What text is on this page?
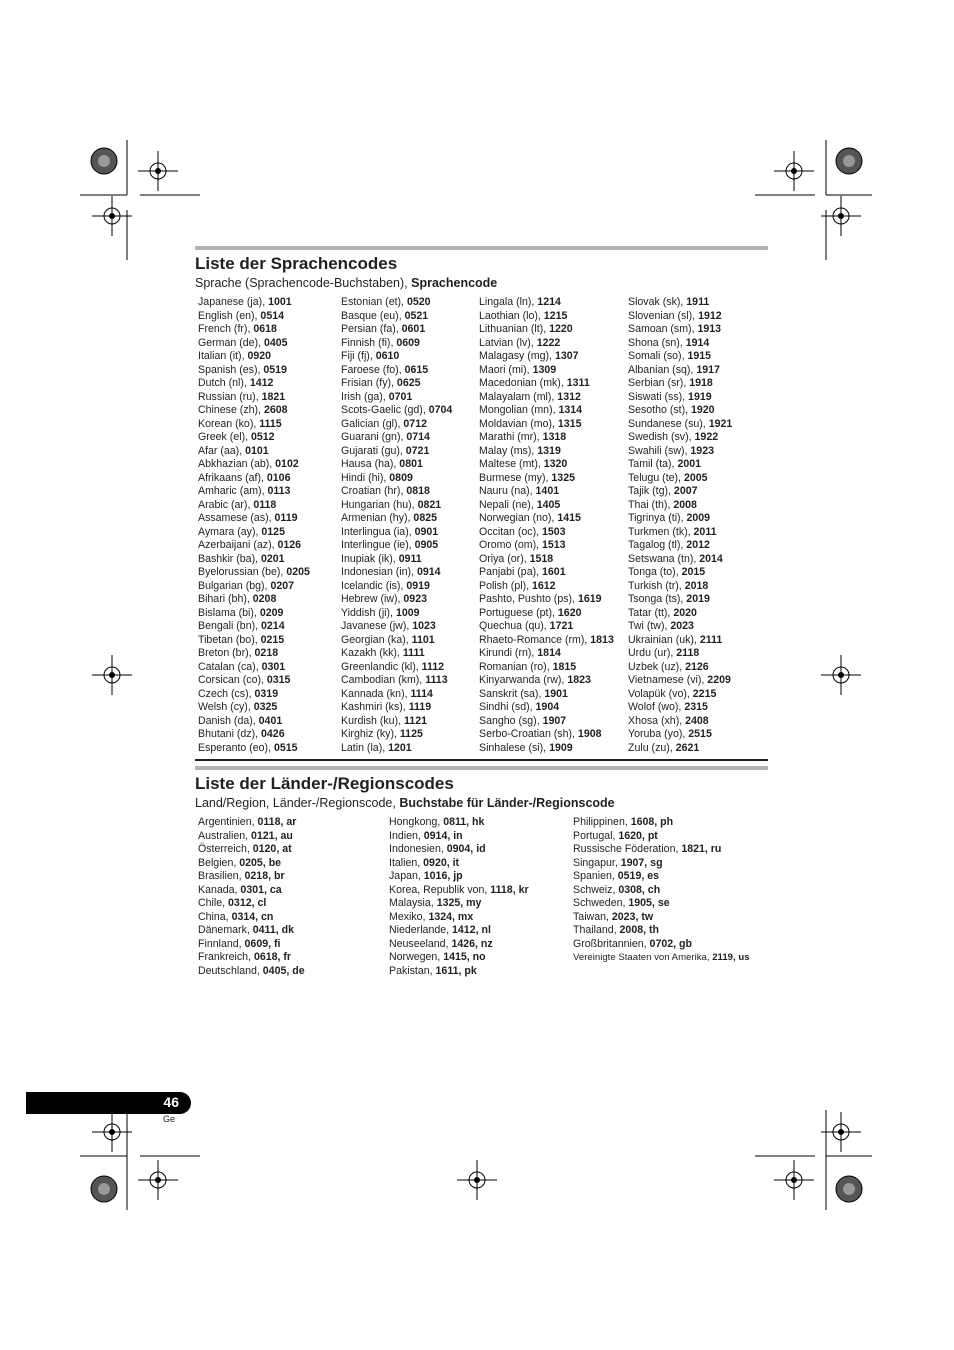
Liste der Sprachencodes
Sprache (Sprachencode-Buchstaben), Sprachencode
Japanese (ja), 1001
English (en), 0514
French (fr), 0618
German (de), 0405
Italian (it), 0920
Spanish (es), 0519
Dutch (nl), 1412
Russian (ru), 1821
Chinese (zh), 2608
Korean (ko), 1115
Greek (el), 0512
Afar (aa), 0101
Abkhazian (ab), 0102
Afrikaans (af), 0106
Amharic (am), 0113
Arabic (ar), 0118
Assamese (as), 0119
Aymara (ay), 0125
Azerbaijani (az), 0126
Bashkir (ba), 0201
Byelorussian (be), 0205
Bulgarian (bg), 0207
Bihari (bh), 0208
Bislama (bi), 0209
Bengali (bn), 0214
Tibetan (bo), 0215
Breton (br), 0218
Catalan (ca), 0301
Corsican (co), 0315
Czech (cs), 0319
Welsh (cy), 0325
Danish (da), 0401
Bhutani (dz), 0426
Esperanto (eo), 0515
Estonian (et), 0520
Basque (eu), 0521
Persian (fa), 0601
Finnish (fi), 0609
Fiji (fj), 0610
Faroese (fo), 0615
Frisian (fy), 0625
Irish (ga), 0701
Scots-Gaelic (gd), 0704
Galician (gl), 0712
Guarani (gn), 0714
Gujarati (gu), 0721
Hausa (ha), 0801
Hindi (hi), 0809
Croatian (hr), 0818
Hungarian (hu), 0821
Armenian (hy), 0825
Interlingua (ia), 0901
Interlingue (ie), 0905
Inupiak (ik), 0911
Indonesian (in), 0914
Icelandic (is), 0919
Hebrew (iw), 0923
Yiddish (ji), 1009
Javanese (jw), 1023
Georgian (ka), 1101
Kazakh (kk), 1111
Greenlandic (kl), 1112
Cambodian (km), 1113
Kannada (kn), 1114
Kashmiri (ks), 1119
Kurdish (ku), 1121
Kirghiz (ky), 1125
Latin (la), 1201
Lingala (ln), 1214
Laothian (lo), 1215
Lithuanian (lt), 1220
Latvian (lv), 1222
Malagasy (mg), 1307
Maori (mi), 1309
Macedonian (mk), 1311
Malayalam (ml), 1312
Mongolian (mn), 1314
Moldavian (mo), 1315
Marathi (mr), 1318
Malay (ms), 1319
Maltese (mt), 1320
Burmese (my), 1325
Nauru (na), 1401
Nepali (ne), 1405
Norwegian (no), 1415
Occitan (oc), 1503
Oromo (om), 1513
Oriya (or), 1518
Panjabi (pa), 1601
Polish (pl), 1612
Pashto, Pushto (ps), 1619
Portuguese (pt), 1620
Quechua (qu), 1721
Rhaeto-Romance (rm), 1813
Kirundi (rn), 1814
Romanian (ro), 1815
Kinyarwanda (rw), 1823
Sanskrit (sa), 1901
Sindhi (sd), 1904
Sangho (sg), 1907
Serbo-Croatian (sh), 1908
Sinhalese (si), 1909
Slovak (sk), 1911
Slovenian (sl), 1912
Samoan (sm), 1913
Shona (sn), 1914
Somali (so), 1915
Albanian (sq), 1917
Serbian (sr), 1918
Siswati (ss), 1919
Sesotho (st), 1920
Sundanese (su), 1921
Swedish (sv), 1922
Swahili (sw), 1923
Tamil (ta), 2001
Telugu (te), 2005
Tajik (tg), 2007
Thai (th), 2008
Tigrinya (ti), 2009
Turkmen (tk), 2011
Tagalog (tl), 2012
Setswana (tn), 2014
Tonga (to), 2015
Turkish (tr), 2018
Tsonga (ts), 2019
Tatar (tt), 2020
Twi (tw), 2023
Ukrainian (uk), 2111
Urdu (ur), 2118
Uzbek (uz), 2126
Vietnamese (vi), 2209
Volapük (vo), 2215
Wolof (wo), 2315
Xhosa (xh), 2408
Yoruba (yo), 2515
Zulu (zu), 2621
Liste der Länder-/Regionscodes
Land/Region, Länder-/Regionscode, Buchstabe für Länder-/Regionscode
Argentinien, 0118, ar
Australien, 0121, au
Österreich, 0120, at
Belgien, 0205, be
Brasilien, 0218, br
Kanada, 0301, ca
Chile, 0312, cl
China, 0314, cn
Dänemark, 0411, dk
Finnland, 0609, fi
Frankreich, 0618, fr
Deutschland, 0405, de
Hongkong, 0811, hk
Indien, 0914, in
Indonesien, 0904, id
Italien, 0920, it
Japan, 1016, jp
Korea, Republik von, 1118, kr
Malaysia, 1325, my
Mexiko, 1324, mx
Niederlande, 1412, nl
Neuseeland, 1426, nz
Norwegen, 1415, no
Pakistan, 1611, pk
Philippinen, 1608, ph
Portugal, 1620, pt
Russische Föderation, 1821, ru
Singapur, 1907, sg
Spanien, 0519, es
Schweiz, 0308, ch
Schweden, 1905, se
Taiwan, 2023, tw
Thailand, 2008, th
Großbritannien, 0702, gb
Vereinigte Staaten von Amerika, 2119, us
46
Ge
